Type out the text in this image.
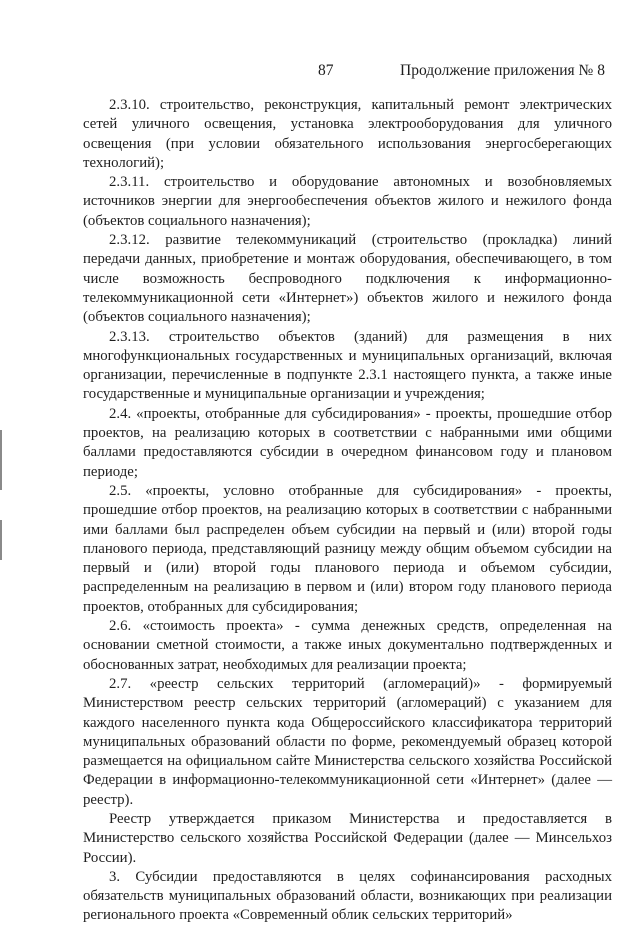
87	Продолжение приложения № 8

2.3.10. строительство, реконструкция, капитальный ремонт электрических сетей уличного освещения, установка электрооборудования для уличного освещения (при условии обязательного использования энергосберегающих технологий);

2.3.11. строительство и оборудование автономных и возобновляемых источников энергии для энергообеспечения объектов жилого и нежилого фонда (объектов социального назначения);

2.3.12. развитие телекоммуникаций (строительство (прокладка) линий передачи данных, приобретение и монтаж оборудования, обеспечивающего, в том числе возможность беспроводного подключения к информационно-телекоммуникационной сети «Интернет») объектов жилого и нежилого фонда (объектов социального назначения);

2.3.13. строительство объектов (зданий) для размещения в них многофункциональных государственных и муниципальных организаций, включая организации, перечисленные в подпункте 2.3.1 настоящего пункта, а также иные государственные и муниципальные организации и учреждения;

2.4. «проекты, отобранные для субсидирования» - проекты, прошедшие отбор проектов, на реализацию которых в соответствии с набранными ими общими баллами предоставляются субсидии в очередном финансовом году и плановом периоде;

2.5. «проекты, условно отобранные для субсидирования» - проекты, прошедшие отбор проектов, на реализацию которых в соответствии с набранными ими баллами был распределен объем субсидии на первый и (или) второй годы планового периода, представляющий разницу между общим объемом субсидии на первый и (или) второй годы планового периода и объемом субсидии, распределенным на реализацию в первом и (или) втором году планового периода проектов, отобранных для субсидирования;

2.6. «стоимость проекта» - сумма денежных средств, определенная на основании сметной стоимости, а также иных документально подтвержденных и обоснованных затрат, необходимых для реализации проекта;

2.7. «реестр сельских территорий (агломераций)» - формируемый Министерством реестр сельских территорий (агломераций) с указанием для каждого населенного пункта кода Общероссийского классификатора территорий муниципальных образований области по форме, рекомендуемый образец которой размещается на официальном сайте Министерства сельского хозяйства Российской Федерации в информационно-телекоммуникационной сети «Интернет» (далее — реестр).

Реестр утверждается приказом Министерства и предоставляется в Министерство сельского хозяйства Российской Федерации (далее — Минсельхоз России).

3. Субсидии предоставляются в целях софинансирования расходных обязательств муниципальных образований области, возникающих при реализации регионального проекта «Современный облик сельских территорий»
